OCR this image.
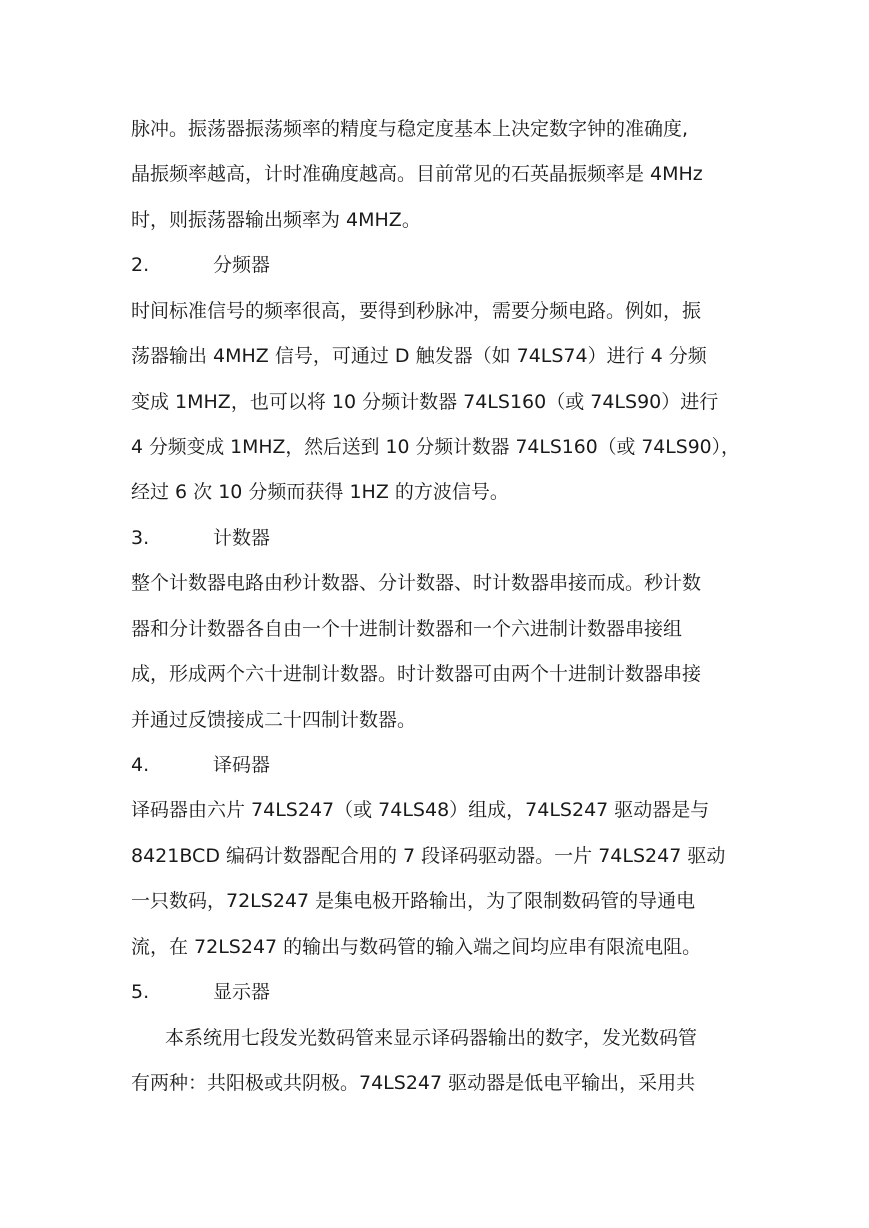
脉冲。振荡器振荡频率的精度与稳定度基本上决定数字钟的准确度,
晶振频率越高，计时准确度越高。目前常见的石英晶振频率是 4MHz
时，则振荡器输出频率为 4MHZ。
2.	分频器
时间标准信号的频率很高，要得到秒脉冲，需要分频电路。例如，振
荡器输出 4MHZ 信号，可通过 D 触发器（如 74LS74）进行 4 分频
变成 1MHZ，也可以将 10 分频计数器 74LS160（或 74LS90）进行
4 分频变成 1MHZ，然后送到 10 分频计数器 74LS160（或 74LS90），
经过 6 次 10 分频而获得 1HZ 的方波信号。
3.	计数器
整个计数器电路由秒计数器、分计数器、时计数器串接而成。秒计数
器和分计数器各自由一个十进制计数器和一个六进制计数器串接组
成，形成两个六十进制计数器。时计数器可由两个十进制计数器串接
并通过反馈接成二十四制计数器。
4.	译码器
译码器由六片 74LS247（或 74LS48）组成，74LS247 驱动器是与
8421BCD 编码计数器配合用的 7 段译码驱动器。一片 74LS247 驱动
一只数码，72LS247 是集电极开路输出，为了限制数码管的导通电
流，在 72LS247 的输出与数码管的输入端之间均应串有限流电阻。
5.	显示器
本系统用七段发光数码管来显示译码器输出的数字，发光数码管
有两种：共阳极或共阴极。74LS247 驱动器是低电平输出，采用共
